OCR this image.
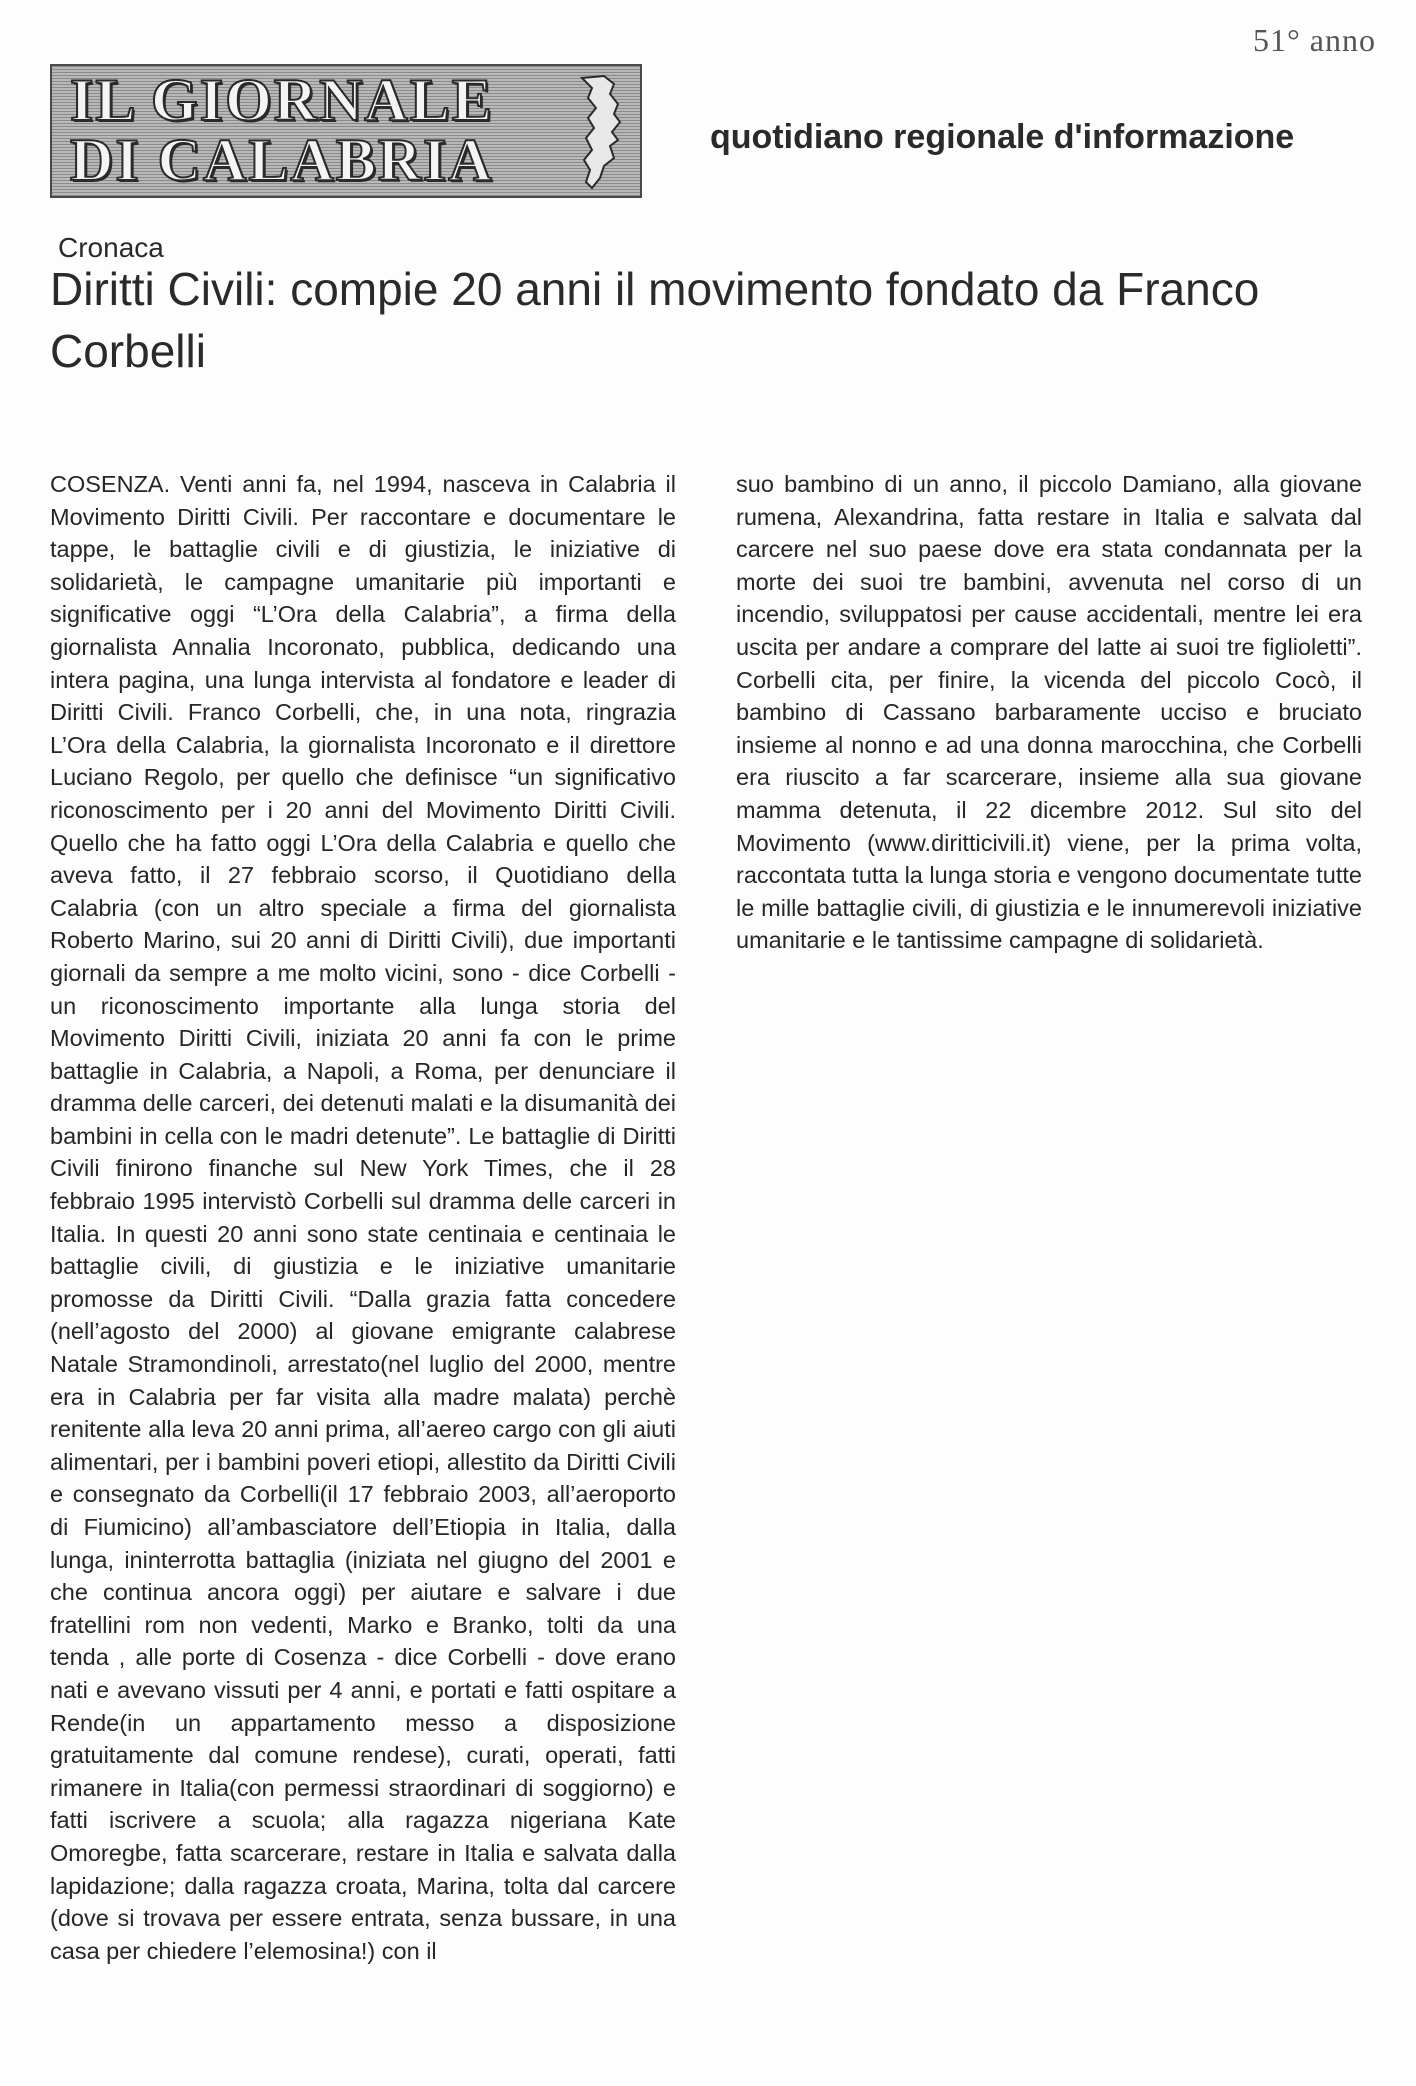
51° anno
IL GIORNALE
DI CALABRIA	quotidiano regionale d'informazione
Cronaca
Diritti Civili: compie 20 anni il movimento fondato da Franco Corbelli

COSENZA. Venti anni fa, nel 1994, nasceva in Calabria il Movimento Diritti Civili. Per raccontare e documentare le tappe, le battaglie civili e di giustizia, le iniziative di solidarietà, le campagne umanitarie più importanti e significative oggi “L’Ora della Calabria”, a firma della giornalista Annalia Incoronato, pubblica, dedicando una intera pagina, una lunga intervista al fondatore e leader di Diritti Civili. Franco Corbelli, che, in una nota, ringrazia L’Ora della Calabria, la giornalista Incoronato e il direttore Luciano Regolo, per quello che definisce “un significativo riconoscimento per i 20 anni del Movimento Diritti Civili. Quello che ha fatto oggi L’Ora della Calabria e quello che aveva fatto, il 27 febbraio scorso, il Quotidiano della Calabria (con un altro speciale a firma del giornalista Roberto Marino, sui 20 anni di Diritti Civili), due importanti giornali da sempre a me molto vicini, sono - dice Corbelli - un riconoscimento importante alla lunga storia del Movimento Diritti Civili, iniziata 20 anni fa con le prime battaglie in Calabria, a Napoli, a Roma, per denunciare il dramma delle carceri, dei detenuti malati e la disumanità dei bambini in cella con le madri detenute”. Le battaglie di Diritti Civili finirono finanche sul New York Times, che il 28 febbraio 1995 intervistò Corbelli sul dramma delle carceri in Italia. In questi 20 anni sono state centinaia e centinaia le battaglie civili, di giustizia e le iniziative umanitarie promosse da Diritti Civili. “Dalla grazia fatta concedere (nell’agosto del 2000) al giovane emigrante calabrese Natale Stramondinoli, arrestato(nel luglio del 2000, mentre era in Calabria per far visita alla madre malata) perchè renitente alla leva 20 anni prima, all’aereo cargo con gli aiuti alimentari, per i bambini poveri etiopi, allestito da Diritti Civili e consegnato da Corbelli(il 17 febbraio 2003, all’aeroporto di Fiumicino) all’ambasciatore dell’Etiopia in Italia, dalla lunga, ininterrotta battaglia (iniziata nel giugno del 2001 e che continua ancora oggi) per aiutare e salvare i due fratellini rom non vedenti, Marko e Branko, tolti da una tenda , alle porte di Cosenza - dice Corbelli - dove erano nati e avevano vissuti per 4 anni, e portati e fatti ospitare a Rende(in un appartamento messo a disposizione gratuitamente dal comune rendese), curati, operati, fatti rimanere in Italia(con permessi straordinari di soggiorno) e fatti iscrivere a scuola; alla ragazza nigeriana Kate Omoregbe, fatta scarcerare, restare in Italia e salvata dalla lapidazione; dalla ragazza croata, Marina, tolta dal carcere (dove si trovava per essere entrata, senza bussare, in una casa per chiedere l’elemosina!) con il

suo bambino di un anno, il piccolo Damiano, alla giovane rumena, Alexandrina, fatta restare in Italia e salvata dal carcere nel suo paese dove era stata condannata per la morte dei suoi tre bambini, avvenuta nel corso di un incendio, sviluppatosi per cause accidentali, mentre lei era uscita per andare a comprare del latte ai suoi tre figlioletti”. Corbelli cita, per finire, la vicenda del piccolo Cocò, il bambino di Cassano barbaramente ucciso e bruciato insieme al nonno e ad una donna marocchina, che Corbelli era riuscito a far scarcerare, insieme alla sua giovane mamma detenuta, il 22 dicembre 2012. Sul sito del Movimento (www.diritticivili.it) viene, per la prima volta, raccontata tutta la lunga storia e vengono documentate tutte le mille battaglie civili, di giustizia e le innumerevoli iniziative umanitarie e le tantissime campagne di solidarietà.
